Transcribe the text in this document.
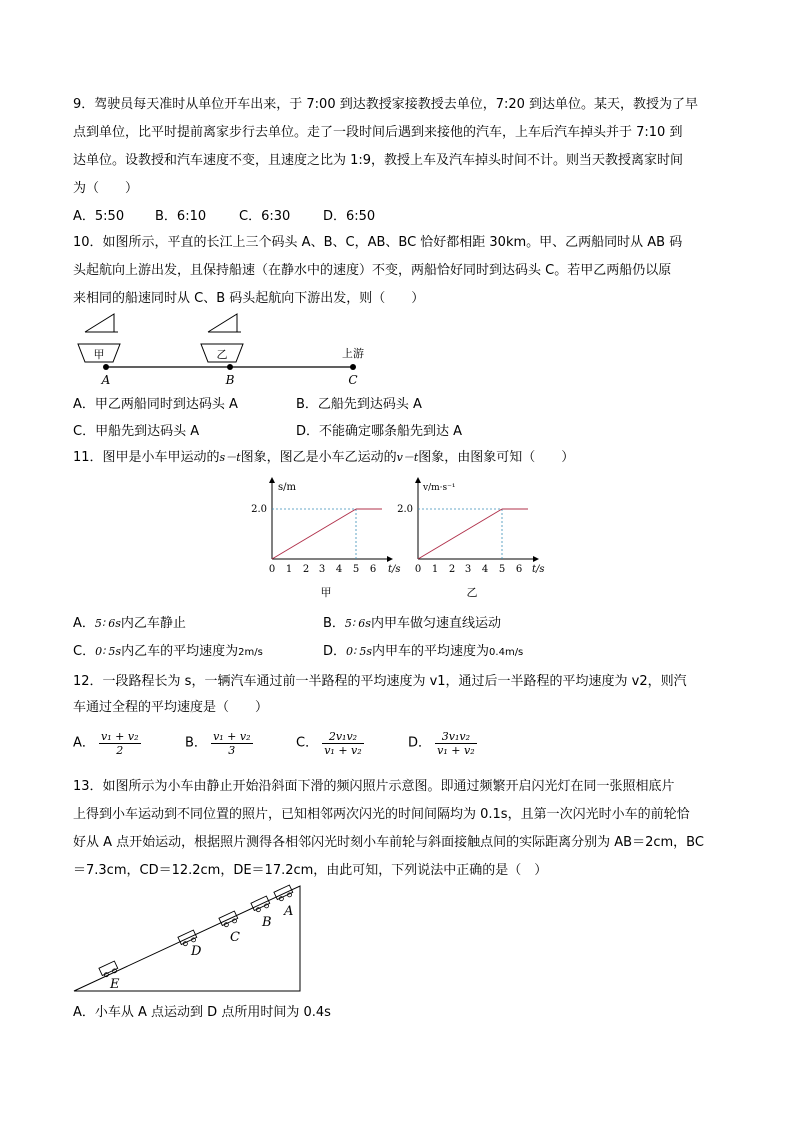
9．驾驶员每天准时从单位开车出来，于 7:00 到达教授家接教授去单位，7:20 到达单位。某天，教授为了早
点到单位，比平时提前离家步行去单位。走了一段时间后遇到来接他的汽车，上车后汽车掉头并于 7:10 到
达单位。设教授和汽车速度不变，且速度之比为 1:9，教授上车及汽车掉头时间不计。则当天教授离家时间
为（　　）
A．5:50 B．6:10	C．6:30	D．6:50
10．如图所示，平直的长江上三个码头 A、B、C，AB、BC 恰好都相距 30km。甲、乙两船同时从 AB 码
头起航向上游出发，且保持船速（在静水中的速度）不变，两船恰好同时到达码头 C。若甲乙两船仍以原
来相同的船速同时从 C、B 码头起航向下游出发，则（　　）
甲	乙
A	B	C
上游
A．甲乙两船同时到达码头 A	B．乙船先到达码头 A
C．甲船先到达码头 A	D．不能确定哪条船先到达 A
11．图甲是小车甲运动的s－t图象，图乙是小车乙运动的v－t图象，由图象可知（　　）
s/m
2.0
0 1 2 3 4 5 6 t/s
甲
v/m·s⁻¹
2.0
0 1 2 3 4 5 6 t/s
乙
A．5∶ 6s内乙车静止	B．5∶ 6s内甲车做匀速直线运动
C．0∶ 5s内乙车的平均速度为2m/s	D．0∶ 5s内甲车的平均速度为0.4m/s
12．一段路程长为 s，一辆汽车通过前一半路程的平均速度为 v1，通过后一半路程的平均速度为 v2，则汽
车通过全程的平均速度是（　　）
A． $\frac{\text{v₁ + v₂}}{2}$	B． $\frac{\text{v₁ + v₂}}{3}$	C． $\frac{\text{2v₁v₂}}{\text{v₁ + v₂}}$	D． $\frac{\text{3v₁v₂}}{\text{v₁ + v₂}}$
13．如图所示为小车由静止开始沿斜面下滑的频闪照片示意图。即通过频繁开启闪光灯在同一张照相底片
上得到小车运动到不同位置的照片，已知相邻两次闪光的时间间隔均为 0.1s，且第一次闪光时小车的前轮恰
好从 A 点开始运动，根据照片测得各相邻闪光时刻小车前轮与斜面接触点间的实际距离分别为 AB＝2cm，BC
＝7.3cm，CD＝12.2cm，DE＝17.2cm，由此可知，下列说法中正确的是（　）
A
B
C
D
E
A．小车从 A 点运动到 D 点所用时间为 0.4s
